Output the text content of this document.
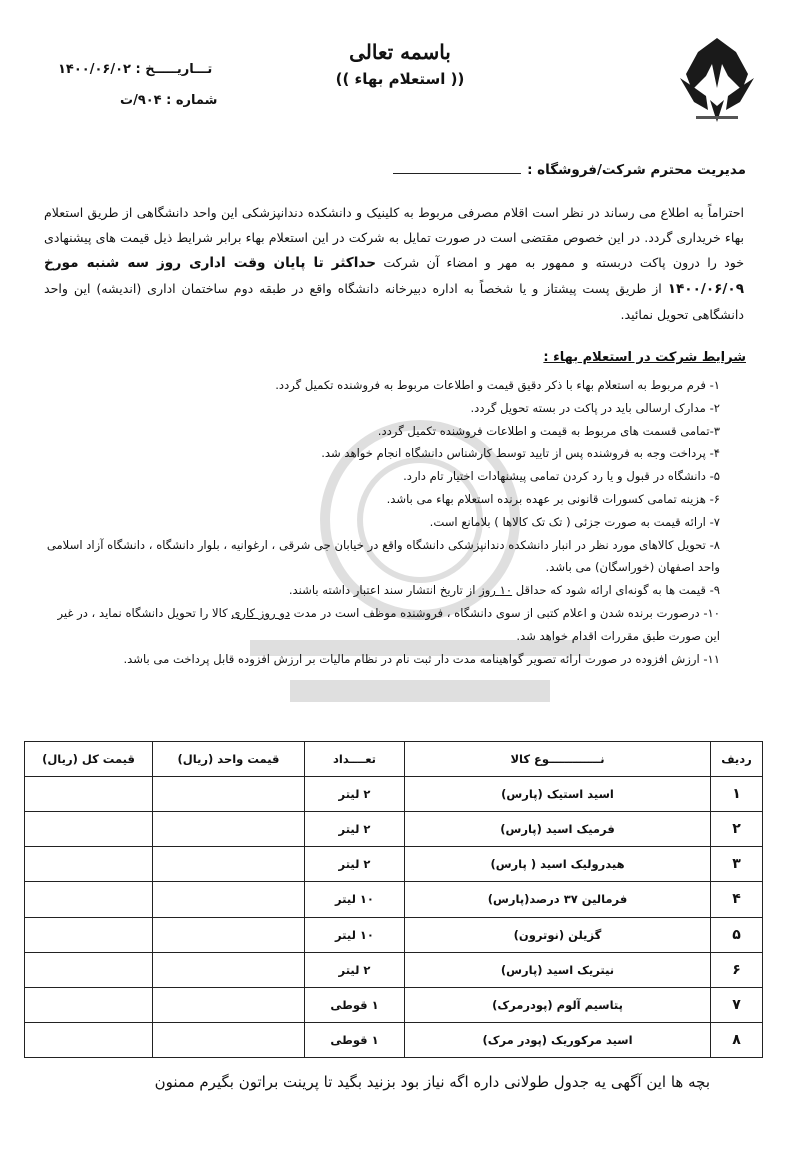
باسمه تعالی
(( استعلام بهاء ))
تـــاریـــــخ : ۱۴۰۰/۰۶/۰۲
شماره : ۹۰۴/ت
مدیریت محترم شرکت/فروشگاه :
احتراماً به اطلاع می رساند در نظر است اقلام مصرفی مربوط به کلینیک و دانشکده دندانپزشکی این واحد دانشگاهی از طریق استعلام بهاء خریداری گردد. در این خصوص مقتضی است در صورت تمایل به شرکت در این استعلام بهاء برابر شرایط ذیل قیمت های پیشنهادی خود را درون پاکت دربسته و ممهور به مهر و امضاء آن شرکت حداکثر تا پایان وقت اداری روز سه شنبه مورخ ۱۴۰۰/۰۶/۰۹ از طریق پست پیشتاز و یا شخصاً به اداره دبیرخانه دانشگاه واقع در طبقه دوم ساختمان اداری (اندیشه) این واحد دانشگاهی تحویل نمائید.
شرایط شرکت در استعلام بهاء :
۱- فرم مربوط به استعلام بهاء با ذکر دقیق قیمت و اطلاعات مربوط به فروشنده تکمیل گردد.
۲- مدارک ارسالی باید در پاکت در بسته تحویل گردد.
۳-تمامی قسمت های مربوط به قیمت و اطلاعات فروشنده تکمیل گردد.
۴- پرداخت وجه به فروشنده پس از تایید توسط کارشناس دانشگاه انجام خواهد شد.
۵- دانشگاه در قبول و یا رد کردن تمامی پیشنهادات اختیار تام دارد.
۶- هزینه تمامی کسورات قانونی بر عهده برنده استعلام بهاء می باشد.
۷- ارائه قیمت به صورت جزئی ( تک تک کالاها ) بلامانع است.
۸- تحویل کالاهای مورد نظر در انبار دانشکده دندانپزشکی دانشگاه واقع در خیابان جی شرقی ، ارغوانیه ، بلوار دانشگاه ، دانشگاه آزاد اسلامی واحد اصفهان (خوراسگان) می باشد.
۹- قیمت ها به گونه‌ای ارائه شود که حداقل ۱۰ روز از تاریخ انتشار سند اعتبار داشته باشند.
۱۰- درصورت برنده شدن و اعلام کتبی از سوی دانشگاه ، فروشنده موظف است در مدت دو روز کاری کالا را تحویل دانشگاه نماید ، در غیر این صورت طبق مقررات اقدام خواهد شد.
۱۱- ارزش افزوده در صورت ارائه تصویر گواهینامه مدت دار ثبت نام در نظام مالیات بر ارزش افزوده قابل پرداخت می باشد.
ردیف	نـــــــــــــوع کالا	تعــــداد	قیمت واحد (ریال)	قیمت کل (ریال)
۱	اسید استیک (پارس)	۲ لیتر		
۲	فرمیک اسید (پارس)	۲ لیتر		
۳	هیدرولیک اسید ( پارس)	۲ لیتر		
۴	فرمالین ۳۷ درصد(پارس)	۱۰ لیتر		
۵	گزیلن (نوترون)	۱۰ لیتر		
۶	نیتریک اسید (پارس)	۲ لیتر		
۷	پتاسیم آلوم (پودرمرک)	۱ قوطی		
۸	اسید مرکوریک (پودر مرک)	۱ قوطی		
بچه ها این آگهی یه جدول طولانی داره اگه نیاز بود بزنید بگید تا پرینت براتون بگیرم ممنون
